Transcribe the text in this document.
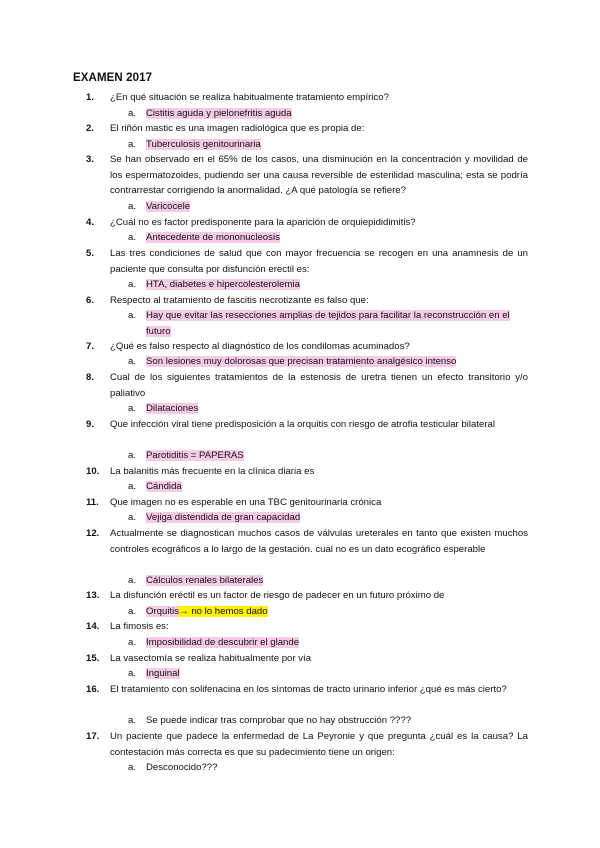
EXAMEN 2017
1.	¿En qué situación se realiza habitualmente tratamiento empírico?
a.	Cistitis aguda y pielonefritis aguda
2.	El riñón mastic es una imagen radiológica que es propia de:
a.	Tuberculosis genitourinaria
3.	Se han observado en el 65% de los casos, una disminución en la concentración y movilidad de los espermatozoides, pudiendo ser una causa reversible de esterilidad masculina; esta se podría contrarrestar corrigiendo la anormalidad. ¿A qué patología se refiere?
a.	Varicocele
4.	¿Cuál no es factor predisponente para la aparición de orquiepididimitis?
a.	Antecedente de mononucleosis
5.	Las tres condiciones de salud que con mayor frecuencia se recogen en una anamnesis de un paciente que consulta por disfunción erectil es:
a.	HTA, diabetes e hipercolesterolemia
6.	Respecto al tratamiento de fascitis necrotizante es falso que:
a.	Hay que evitar las resecciones amplias de tejidos para facilitar la reconstrucción en el futuro
7.	¿Qué es falso respecto al diagnóstico de los condilomas acuminados?
a.	Son lesiones muy dolorosas que precisan tratamiento analgésico intenso
8.	Cual de los siguientes tratamientos de la estenosis de uretra tienen un efecto transitorio y/o paliativo
a.	Dilataciones
9.	Que infección viral tiene predisposición a la orquitis con riesgo de atrofia testicular bilateral
a.	Parotiditis = PAPERAS
10.	La balanitis más frecuente en la clínica diaria es
a.	Cándida
11.	Que imagen no es esperable en una TBC genitourinaria crónica
a.	Vejiga distendida de gran capacidad
12.	Actualmente se diagnostican muchos casos de válvulas ureterales en tanto que existen muchos controles ecográficos a lo largo de la gestación. cual no es un dato ecográfico esperable
a.	Cálculos renales bilaterales
13.	La disfunción eréctil es un factor de riesgo de padecer en un futuro próximo de
a.	Orquitis→ no lo hemos dado
14.	La fimosis es:
a.	Imposibilidad de descubrir el glande
15.	La vasectomía se realiza habitualmente por vía
a.	Inguinal
16.	El tratamiento con solifenacina en los síntomas de tracto urinario inferior ¿qué es más cierto?
a.	Se puede indicar tras comprobar que no hay obstrucción ????
17.	Un paciente que padece la enfermedad de La Peyronie y que pregunta ¿cuál es la causa? La contestación más correcta es que su padecimiento tiene un origen:
a.	Desconocido???
